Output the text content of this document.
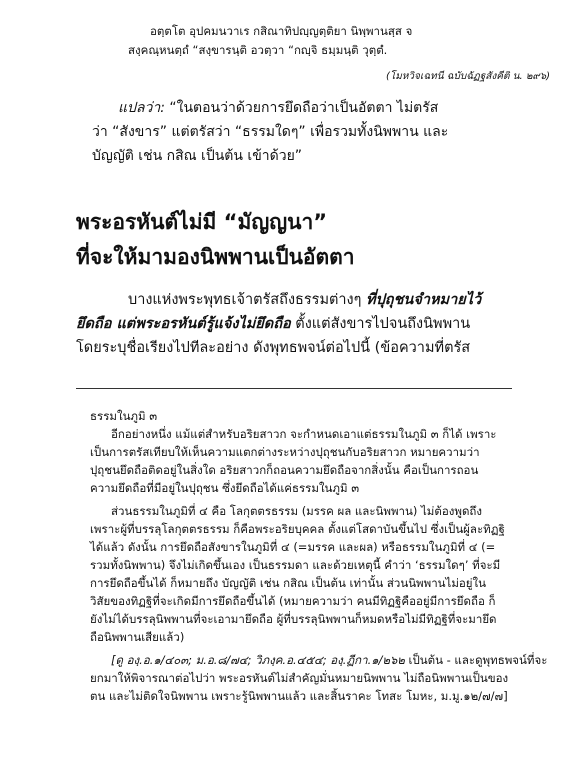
อตฺตโต อุปคมนวาเร กสิณาทิปญฺญตฺติยา นิพฺพานสฺส จ
สงฺคณฺหนตฺถํ “สงฺขารนฺติ อวตฺวา “กญฺจิ ธมฺมนฺติ วุตฺตํ.
(โมหวิจเฉทนี ฉบับฉัฏฐสังคีติ น. ๒๙๖)
แปลว่า: “ในตอนว่าด้วยการยึดถือว่าเป็นอัตตา ไม่ตรัส
ว่า “สังขาร” แต่ตรัสว่า “ธรรมใดๆ” เพื่อรวมทั้งนิพพาน และ
บัญญัติ เช่น กสิณ เป็นต้น เข้าด้วย”
พระอรหันต์ไม่มี “มัญญนา”
ที่จะให้มามองนิพพานเป็นอัตตา
บางแห่งพระพุทธเจ้าตรัสถึงธรรมต่างๆ ที่ปุถุชนจำหมายไว้
ยึดถือ แต่พระอรหันต์รู้แจ้งไม่ยึดถือ ตั้งแต่สังขารไปจนถึงนิพพาน
โดยระบุชื่อเรียงไปทีละอย่าง ดังพุทธพจน์ต่อไปนี้ (ข้อความที่ตรัส
ธรรมในภูมิ ๓
อีกอย่างหนึ่ง แม้แต่สำหรับอริยสาวก จะกำหนดเอาแต่ธรรมในภูมิ ๓ ก็ได้ เพราะ
เป็นการตรัสเทียบให้เห็นความแตกต่างระหว่างปุถุชนกับอริยสาวก หมายความว่า
ปุถุชนยึดถือติดอยู่ในสิ่งใด อริยสาวกก็ถอนความยึดถือจากสิ่งนั้น คือเป็นการถอน
ความยึดถือที่มีอยู่ในปุถุชน ซึ่งยึดถือได้แค่ธรรมในภูมิ ๓
ส่วนธรรมในภูมิที่ ๔ คือ โลกุตตรธรรม (มรรค ผล และนิพพาน) ไม่ต้องพูดถึง
เพราะผู้ที่บรรลุโลกุตตรธรรม ก็คือพระอริยบุคคล ตั้งแต่โสดาบันขึ้นไป ซึ่งเป็นผู้ละทิฏฐิ
ได้แล้ว ดังนั้น การยึดถือสังขารในภูมิที่ ๔ (=มรรค และผล) หรือธรรมในภูมิที่ ๔ (=
รวมทั้งนิพพาน) จึงไม่เกิดขึ้นเอง เป็นธรรมดา และด้วยเหตุนี้ คำว่า ‘ธรรมใดๆ’ ที่จะมี
การยึดถือขึ้นได้ ก็หมายถึง บัญญัติ เช่น กสิณ เป็นต้น เท่านั้น ส่วนนิพพานไม่อยู่ใน
วิสัยของทิฏฐิที่จะเกิดมีการยึดถือขึ้นได้ (หมายความว่า คนมีทิฏฐิคืออยู่มีการยึดถือ ก็
ยังไม่ได้บรรลุนิพพานที่จะเอามายึดถือ ผู้ที่บรรลุนิพพานก็หมดหรือไม่มีทิฏฐิที่จะมายึด
ถือนิพพานเสียแล้ว)
[ดู องฺ.อ.๑/๔๐๓; ม.อ.๘/๗๔; วิภงฺค.อ.๔๕๔; องฺ.ฏีกา.๑/๒๖๒ เป็นต้น - และดูพุทธพจน์ที่จะ
ยกมาให้พิจารณาต่อไปว่า พระอรหันต์ไม่สำคัญมั่นหมายนิพพาน ไม่ถือนิพพานเป็นของ
ตน และไม่ติดใจนิพพาน เพราะรู้นิพพานแล้ว และสิ้นราคะ โทสะ โมหะ, ม.มู.๑๒/๗/๗]
